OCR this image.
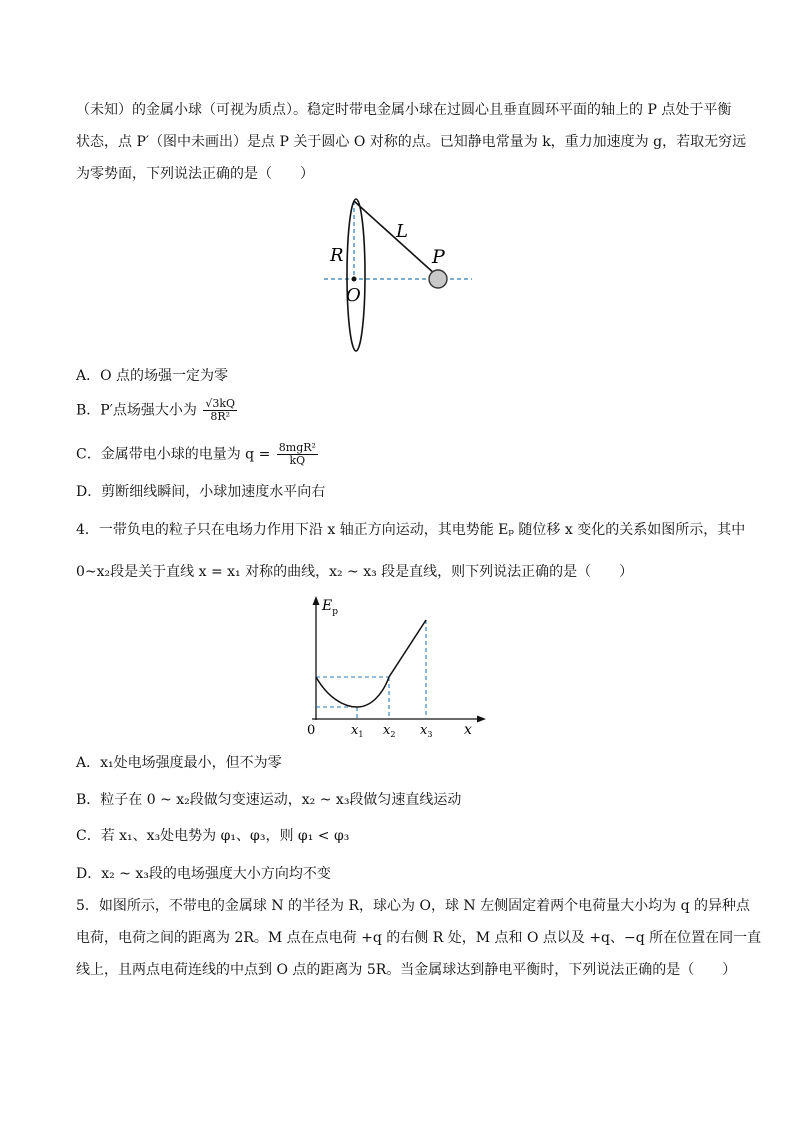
（未知）的金属小球（可视为质点）。稳定时带电金属小球在过圆心且垂直圆环平面的轴上的 P 点处于平衡
状态，点 P′（图中未画出）是点 P 关于圆心 O 对称的点。已知静电常量为 k，重力加速度为 g，若取无穷远
为零势面，下列说法正确的是（　　）
R
L
P
O
A．O 点的场强一定为零
B．P′点场强大小为 $\frac{√3kQ}{\text{8R²}}$
C．金属带电小球的电量为 $q = \frac{\text{8mgR²}}{kQ}$
D．剪断细线瞬间，小球加速度水平向右
4．一带负电的粒子只在电场力作用下沿 x 轴正方向运动，其电势能 Eₚ 随位移 x 变化的关系如图所示，其中
0~x₂段是关于直线 x = x₁ 对称的曲线，x₂ ~ x₃ 段是直线，则下列说法正确的是（　　）
$E_p$
0	$x_1$ $x_2$ $x_3$ x
A．x₁处电场强度最小，但不为零
B．粒子在 0 ~ x₂段做匀变速运动，x₂ ~ x₃段做匀速直线运动
C．若 x₁、x₃处电势为 φ₁、φ₃，则 φ₁ < φ₃
D．x₂ ~ x₃段的电场强度大小方向均不变
5．如图所示，不带电的金属球 N 的半径为 R，球心为 O，球 N 左侧固定着两个电荷量大小均为 q 的异种点
电荷，电荷之间的距离为 2R。M 点在点电荷 +q 的右侧 R 处，M 点和 O 点以及 +q、−q 所在位置在同一直
线上，且两点电荷连线的中点到 O 点的距离为 5R。当金属球达到静电平衡时，下列说法正确的是（　　）
